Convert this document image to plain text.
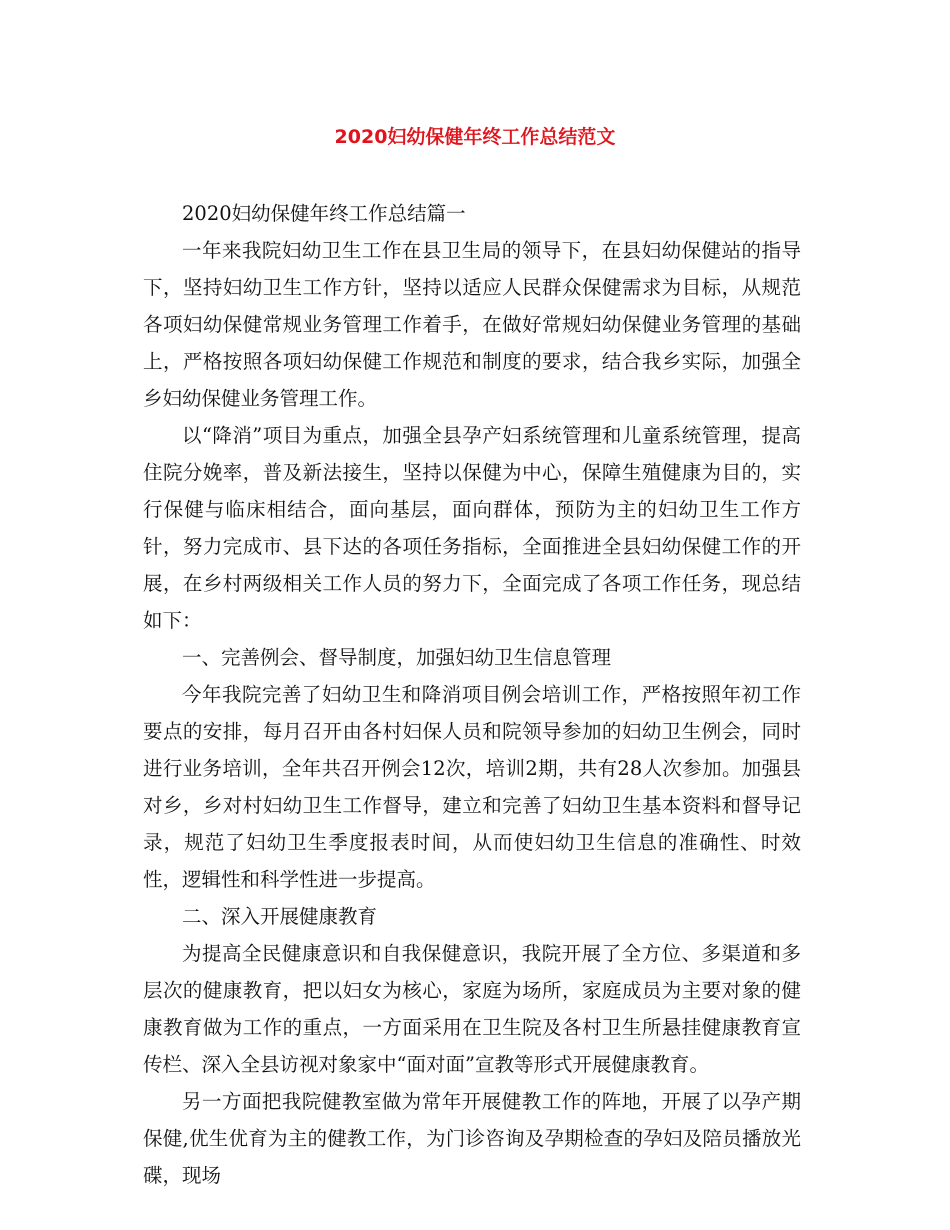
2020妇幼保健年终工作总结范文

2020妇幼保健年终工作总结篇一

一年来我院妇幼卫生工作在县卫生局的领导下，在县妇幼保健站的指导下，坚持妇幼卫生工作方针，坚持以适应人民群众保健需求为目标，从规范各项妇幼保健常规业务管理工作着手，在做好常规妇幼保健业务管理的基础上，严格按照各项妇幼保健工作规范和制度的要求，结合我乡实际，加强全乡妇幼保健业务管理工作。

以“降消”项目为重点，加强全县孕产妇系统管理和儿童系统管理，提高住院分娩率，普及新法接生，坚持以保健为中心，保障生殖健康为目的，实行保健与临床相结合，面向基层，面向群体，预防为主的妇幼卫生工作方针，努力完成市、县下达的各项任务指标，全面推进全县妇幼保健工作的开展，在乡村两级相关工作人员的努力下，全面完成了各项工作任务，现总结如下：

一、完善例会、督导制度，加强妇幼卫生信息管理

今年我院完善了妇幼卫生和降消项目例会培训工作，严格按照年初工作要点的安排，每月召开由各村妇保人员和院领导参加的妇幼卫生例会，同时进行业务培训，全年共召开例会12次，培训2期，共有28人次参加。加强县对乡，乡对村妇幼卫生工作督导，建立和完善了妇幼卫生基本资料和督导记录，规范了妇幼卫生季度报表时间，从而使妇幼卫生信息的准确性、时效性，逻辑性和科学性进一步提高。

二、深入开展健康教育

为提高全民健康意识和自我保健意识，我院开展了全方位、多渠道和多层次的健康教育，把以妇女为核心，家庭为场所，家庭成员为主要对象的健康教育做为工作的重点，一方面采用在卫生院及各村卫生所悬挂健康教育宣传栏、深入全县访视对象家中“面对面”宣教等形式开展健康教育。

另一方面把我院健教室做为常年开展健教工作的阵地，开展了以孕产期保健,优生优育为主的健教工作，为门诊咨询及孕期检查的孕妇及陪员播放光碟，现场
